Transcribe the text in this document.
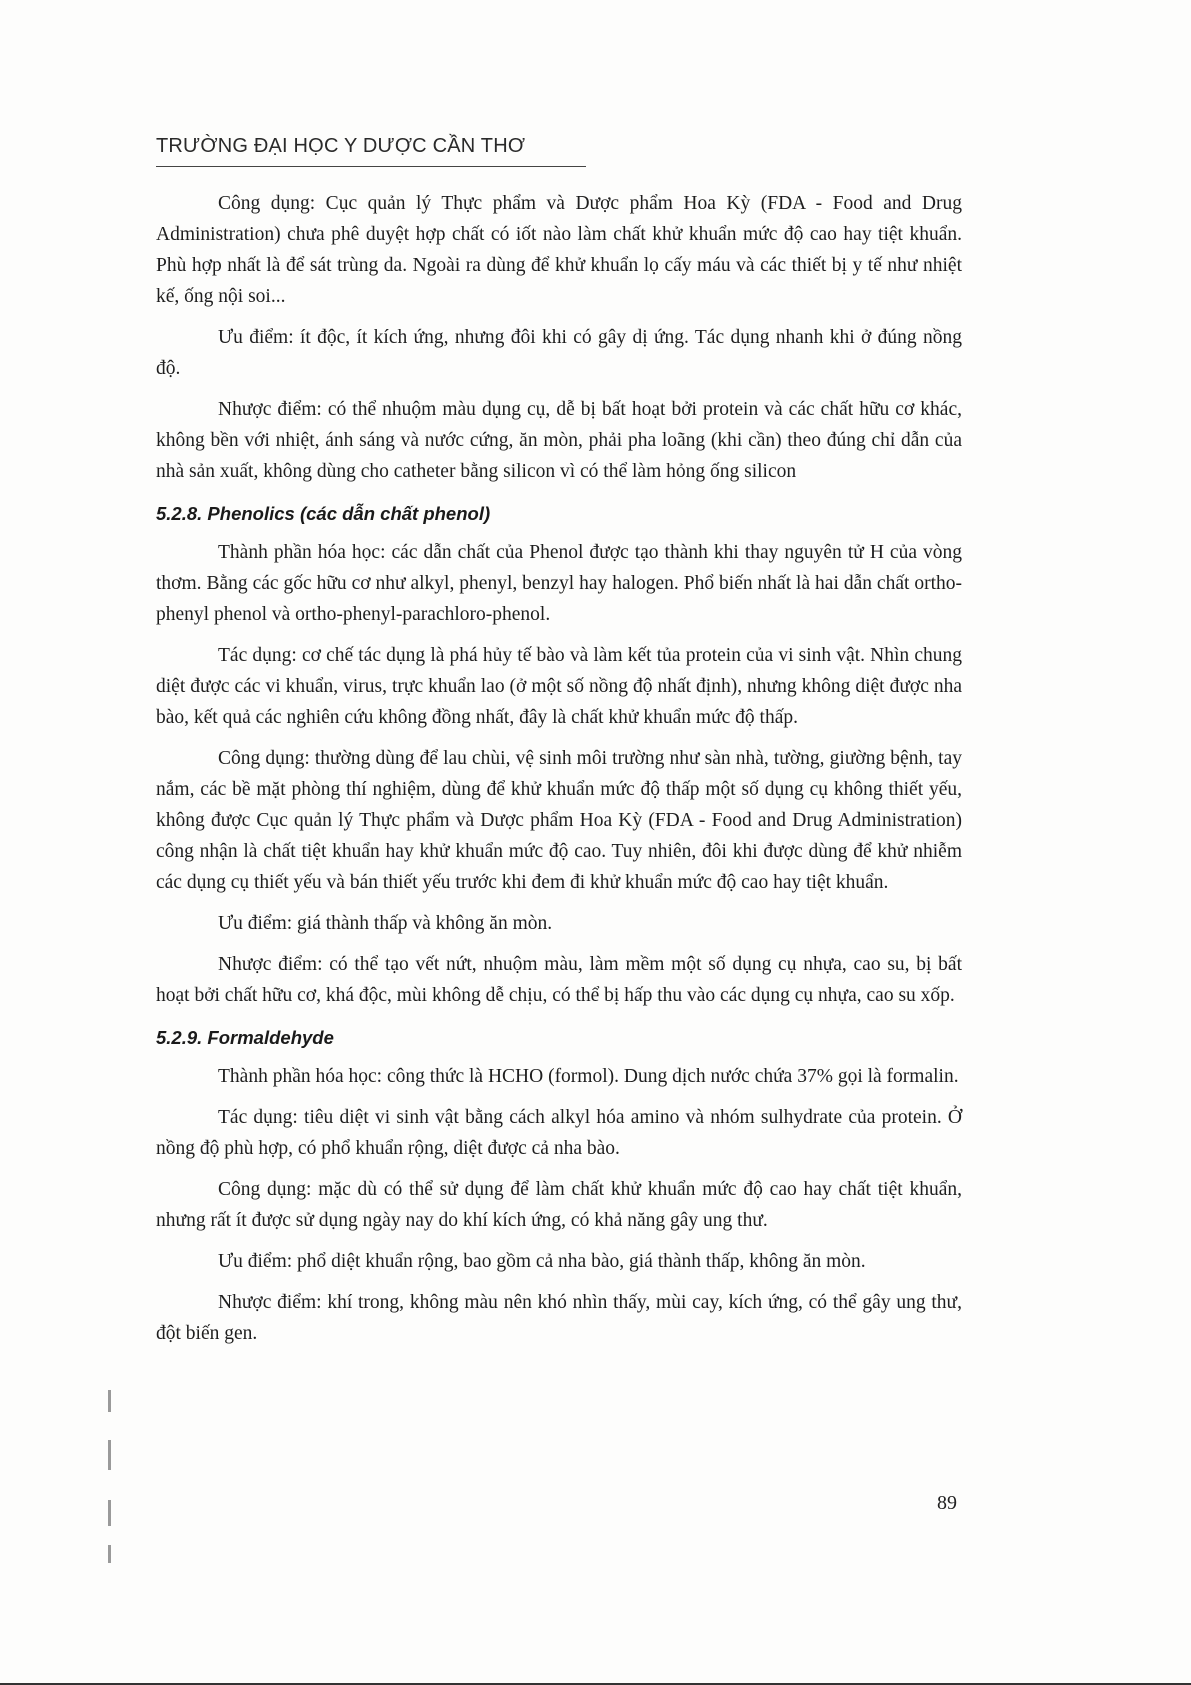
TRƯỜNG ĐẠI HỌC Y DƯỢC CẦN THƠ

Công dụng: Cục quản lý Thực phẩm và Dược phẩm Hoa Kỳ (FDA - Food and Drug Administration) chưa phê duyệt hợp chất có iốt nào làm chất khử khuẩn mức độ cao hay tiệt khuẩn. Phù hợp nhất là để sát trùng da. Ngoài ra dùng để khử khuẩn lọ cấy máu và các thiết bị y tế như nhiệt kế, ống nội soi...

Ưu điểm: ít độc, ít kích ứng, nhưng đôi khi có gây dị ứng. Tác dụng nhanh khi ở đúng nồng độ.

Nhược điểm: có thể nhuộm màu dụng cụ, dễ bị bất hoạt bởi protein và các chất hữu cơ khác, không bền với nhiệt, ánh sáng và nước cứng, ăn mòn, phải pha loãng (khi cần) theo đúng chỉ dẫn của nhà sản xuất, không dùng cho catheter bằng silicon vì có thể làm hỏng ống silicon

5.2.8. Phenolics (các dẫn chất phenol)

Thành phần hóa học: các dẫn chất của Phenol được tạo thành khi thay nguyên tử H của vòng thơm. Bằng các gốc hữu cơ như alkyl, phenyl, benzyl hay halogen. Phổ biến nhất là hai dẫn chất ortho-phenyl phenol và ortho-phenyl-parachloro-phenol.

Tác dụng: cơ chế tác dụng là phá hủy tế bào và làm kết tủa protein của vi sinh vật. Nhìn chung diệt được các vi khuẩn, virus, trực khuẩn lao (ở một số nồng độ nhất định), nhưng không diệt được nha bào, kết quả các nghiên cứu không đồng nhất, đây là chất khử khuẩn mức độ thấp.

Công dụng: thường dùng để lau chùi, vệ sinh môi trường như sàn nhà, tường, giường bệnh, tay nắm, các bề mặt phòng thí nghiệm, dùng để khử khuẩn mức độ thấp một số dụng cụ không thiết yếu, không được Cục quản lý Thực phẩm và Dược phẩm Hoa Kỳ (FDA - Food and Drug Administration) công nhận là chất tiệt khuẩn hay khử khuẩn mức độ cao. Tuy nhiên, đôi khi được dùng để khử nhiễm các dụng cụ thiết yếu và bán thiết yếu trước khi đem đi khử khuẩn mức độ cao hay tiệt khuẩn.

Ưu điểm: giá thành thấp và không ăn mòn.

Nhược điểm: có thể tạo vết nứt, nhuộm màu, làm mềm một số dụng cụ nhựa, cao su, bị bất hoạt bởi chất hữu cơ, khá độc, mùi không dễ chịu, có thể bị hấp thu vào các dụng cụ nhựa, cao su xốp.

5.2.9. Formaldehyde

Thành phần hóa học: công thức là HCHO (formol). Dung dịch nước chứa 37% gọi là formalin.

Tác dụng: tiêu diệt vi sinh vật bằng cách alkyl hóa amino và nhóm sulhydrate của protein. Ở nồng độ phù hợp, có phổ khuẩn rộng, diệt được cả nha bào.

Công dụng: mặc dù có thể sử dụng để làm chất khử khuẩn mức độ cao hay chất tiệt khuẩn, nhưng rất ít được sử dụng ngày nay do khí kích ứng, có khả năng gây ung thư.

Ưu điểm: phổ diệt khuẩn rộng, bao gồm cả nha bào, giá thành thấp, không ăn mòn.

Nhược điểm: khí trong, không màu nên khó nhìn thấy, mùi cay, kích ứng, có thể gây ung thư, đột biến gen.

89
